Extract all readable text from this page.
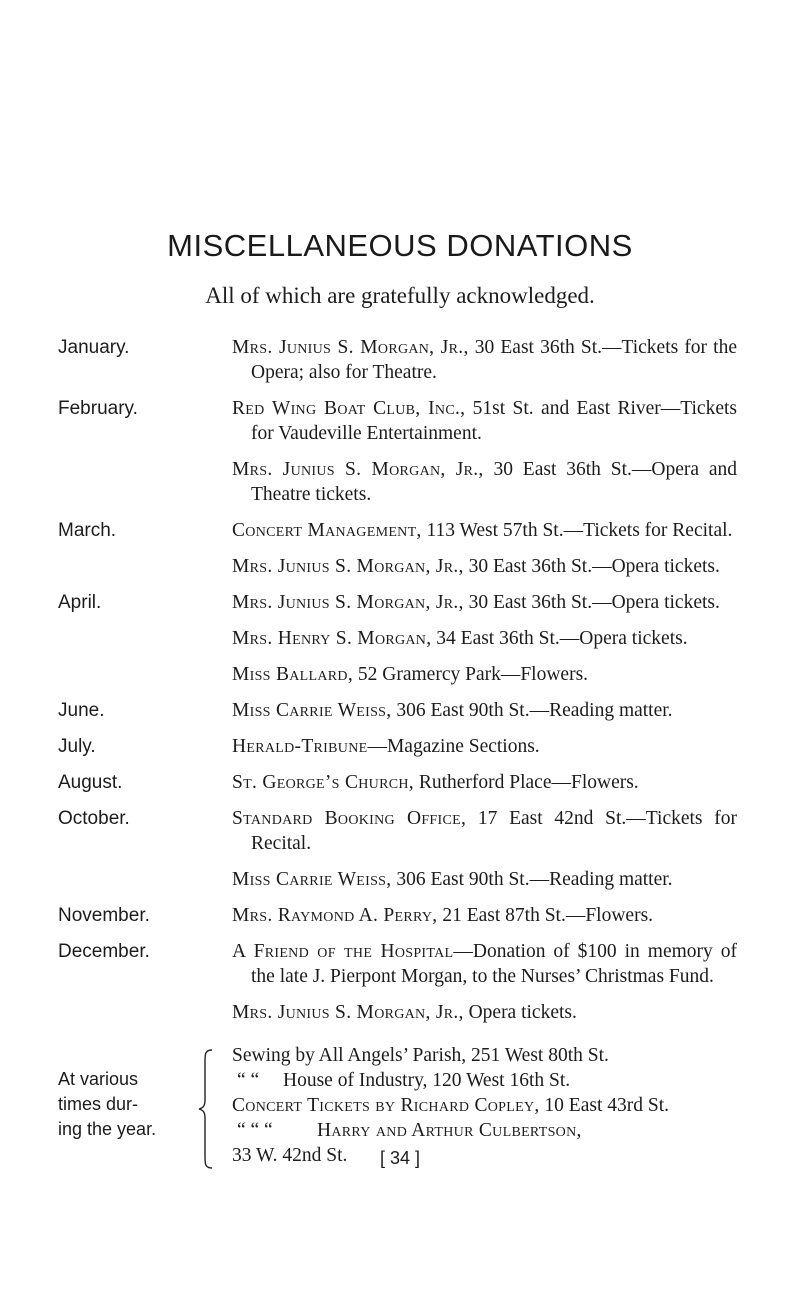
MISCELLANEOUS DONATIONS
All of which are gratefully acknowledged.
January.	Mrs. Junius S. Morgan, Jr., 30 East 36th St.—Tickets for the Opera; also for Theatre.
February.	Red Wing Boat Club, Inc., 51st St. and East River—Tickets for Vaudeville Entertainment.
Mrs. Junius S. Morgan, Jr., 30 East 36th St.—Opera and Theatre tickets.
March.	Concert Management, 113 West 57th St.—Tickets for Recital.
Mrs. Junius S. Morgan, Jr., 30 East 36th St.—Opera tickets.
April.	Mrs. Junius S. Morgan, Jr., 30 East 36th St.—Opera tickets.
Mrs. Henry S. Morgan, 34 East 36th St.—Opera tickets.
Miss Ballard, 52 Gramercy Park—Flowers.
June.	Miss Carrie Weiss, 306 East 90th St.—Reading matter.
July.	Herald-Tribune—Magazine Sections.
August.	St. George’s Church, Rutherford Place—Flowers.
October.	Standard Booking Office, 17 East 42nd St.—Tickets for Recital.
Miss Carrie Weiss, 306 East 90th St.—Reading matter.
November.	Mrs. Raymond A. Perry, 21 East 87th St.—Flowers.
December.	A Friend of the Hospital—Donation of $100 in memory of the late J. Pierpont Morgan, to the Nurses’ Christmas Fund.
Mrs. Junius S. Morgan, Jr., Opera tickets.
At various
times dur-
ing the year.
Sewing by All Angels’ Parish, 251 West 80th St.
“ “ House of Industry, 120 West 16th St.
Concert Tickets by Richard Copley, 10 East 43rd St.
“ “ “ Harry and Arthur Culbertson,
33 W. 42nd St.	[ 34 ]
